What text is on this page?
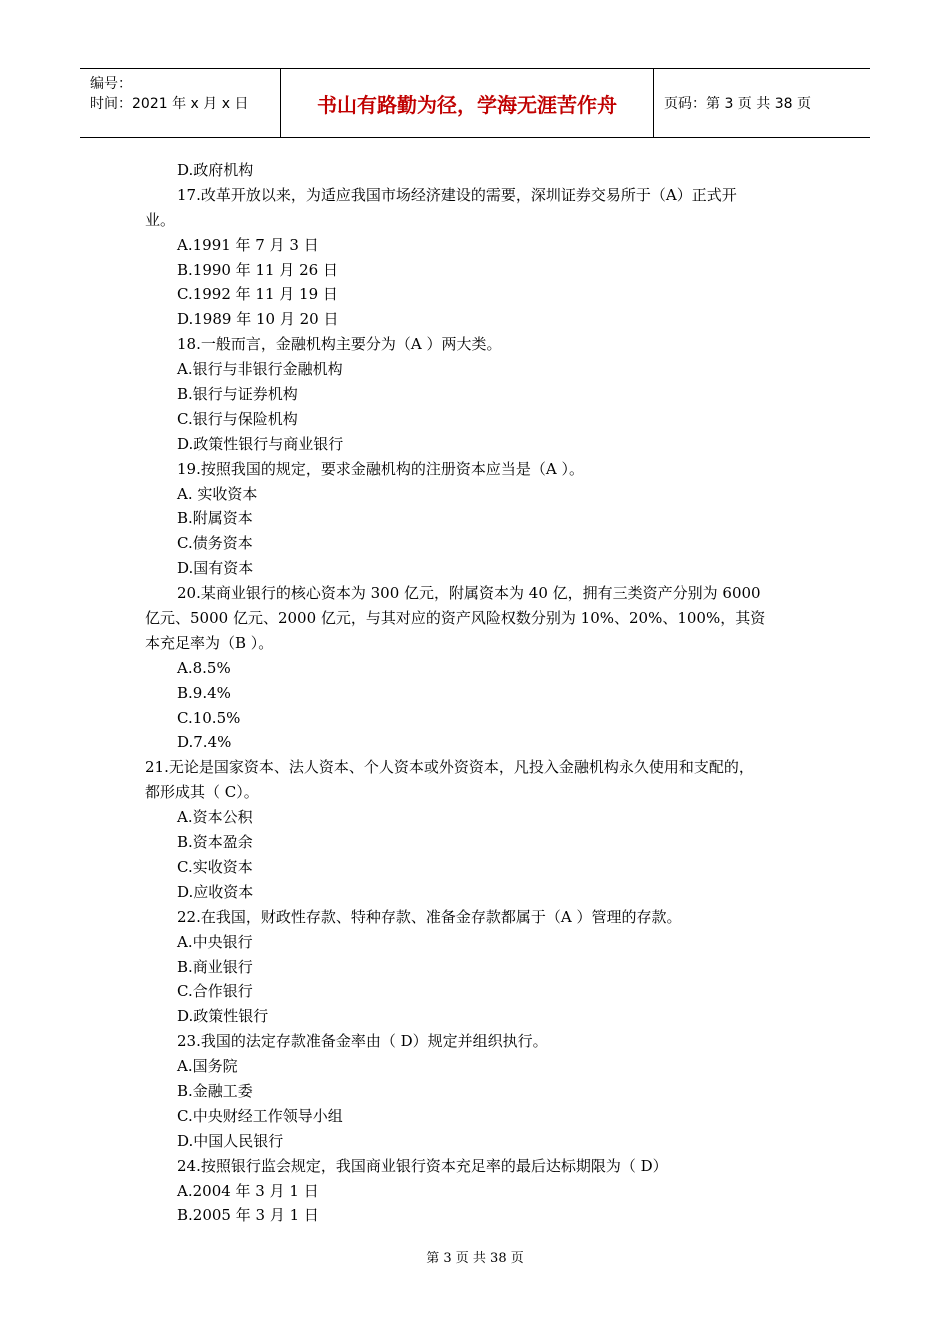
编号：
时间：2021 年 x 月 x 日	书山有路勤为径，学海无涯苦作舟	页码：第 3 页 共 38 页
D.政府机构
17.改革开放以来，为适应我国市场经济建设的需要，深圳证券交易所于（A）正式开
业。
A.1991 年 7 月 3 日
B.1990 年 11 月 26 日
C.1992 年 11 月 19 日
D.1989 年 10 月 20 日
18.一般而言，金融机构主要分为（A ）两大类。
A.银行与非银行金融机构
B.银行与证券机构
C.银行与保险机构
D.政策性银行与商业银行
19.按照我国的规定，要求金融机构的注册资本应当是（A ）。
A. 实收资本
B.附属资本
C.债务资本
D.国有资本
20.某商业银行的核心资本为 300 亿元，附属资本为 40 亿，拥有三类资产分别为 6000
亿元、5000 亿元、2000 亿元，与其对应的资产风险权数分别为 10%、20%、100%，其资
本充足率为（B ）。
A.8.5%
B.9.4%
C.10.5%
D.7.4%
21.无论是国家资本、法人资本、个人资本或外资资本，凡投入金融机构永久使用和支配的，
都形成其（ C）。
A.资本公积
B.资本盈余
C.实收资本
D.应收资本
22.在我国，财政性存款、特种存款、准备金存款都属于（A ）管理的存款。
A.中央银行
B.商业银行
C.合作银行
D.政策性银行
23.我国的法定存款准备金率由（ D）规定并组织执行。
A.国务院
B.金融工委
C.中央财经工作领导小组
D.中国人民银行
24.按照银行监会规定，我国商业银行资本充足率的最后达标期限为（ D）
A.2004 年 3 月 1 日
B.2005 年 3 月 1 日
第 3 页 共 38 页
